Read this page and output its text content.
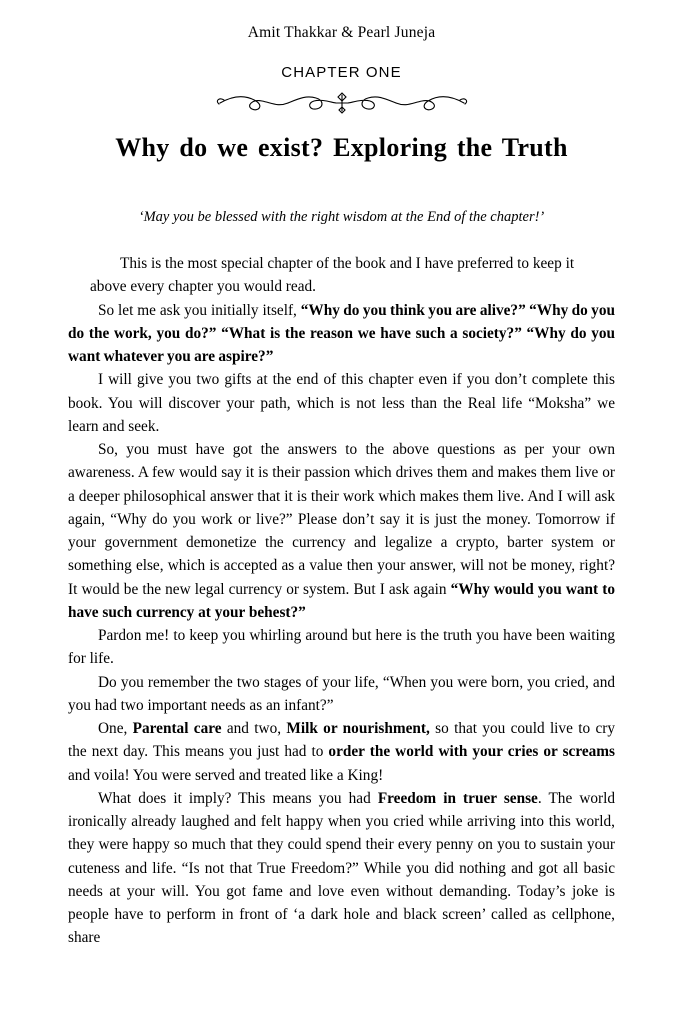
Amit Thakkar & Pearl Juneja
CHAPTER ONE
Why do we exist? Exploring the Truth
‘May you be blessed with the right wisdom at the End of the chapter!’

This is the most special chapter of the book and I have preferred to keep it above every chapter you would read.

So let me ask you initially itself, “Why do you think you are alive?” “Why do you do the work, you do?” “What is the reason we have such a society?” “Why do you want whatever you are aspire?”

I will give you two gifts at the end of this chapter even if you don’t complete this book. You will discover your path, which is not less than the Real life “Moksha” we learn and seek.

So, you must have got the answers to the above questions as per your own awareness. A few would say it is their passion which drives them and makes them live or a deeper philosophical answer that it is their work which makes them live. And I will ask again, “Why do you work or live?” Please don’t say it is just the money. Tomorrow if your government demonetize the currency and legalize a crypto, barter system or something else, which is accepted as a value then your answer, will not be money, right? It would be the new legal currency or system. But I ask again “Why would you want to have such currency at your behest?”

Pardon me! to keep you whirling around but here is the truth you have been waiting for life.

Do you remember the two stages of your life, “When you were born, you cried, and you had two important needs as an infant?”

One, Parental care and two, Milk or nourishment, so that you could live to cry the next day. This means you just had to order the world with your cries or screams and voila! You were served and treated like a King!

What does it imply? This means you had Freedom in truer sense. The world ironically already laughed and felt happy when you cried while arriving into this world, they were happy so much that they could spend their every penny on you to sustain your cuteness and life. “Is not that True Freedom?” While you did nothing and got all basic needs at your will. You got fame and love even without demanding. Today’s joke is people have to perform in front of ‘a dark hole and black screen’ called as cellphone, share
